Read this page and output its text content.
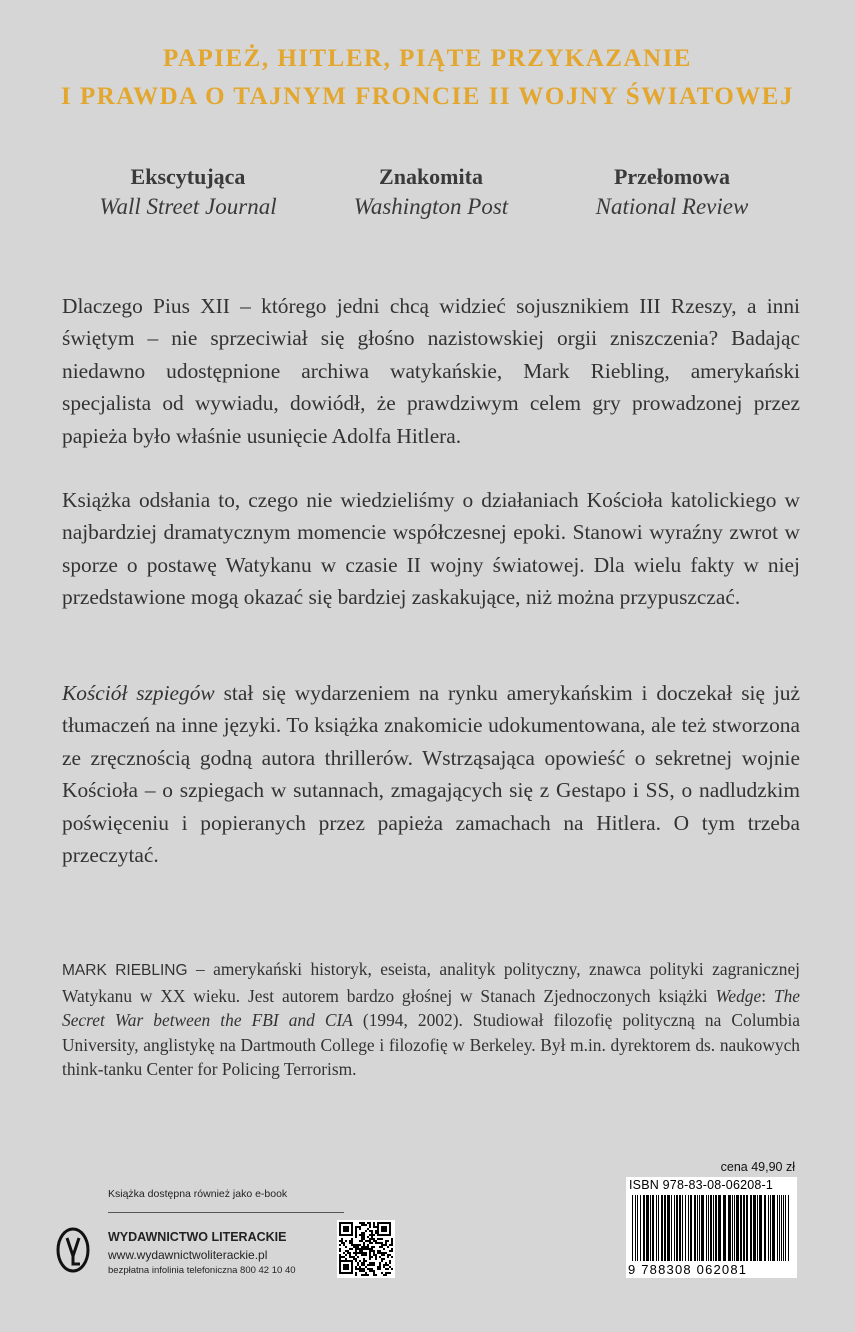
PAPIEŻ, HITLER, PIĄTE PRZYKAZANIE
I PRAWDA O TAJNYM FRONCIE II WOJNY ŚWIATOWEJ
Ekscytująca
Wall Street Journal
Znakomita
Washington Post
Przełomowa
National Review

Dlaczego Pius XII – którego jedni chcą widzieć sojusznikiem III Rzeszy, a inni świętym – nie sprzeciwiał się głośno nazistowskiej orgii zniszczenia? Badając niedawno udostępnione archiwa watykańskie, Mark Riebling, amerykański specjalista od wywiadu, dowiódł, że prawdziwym celem gry prowadzonej przez papieża było właśnie usunięcie Adolfa Hitlera.

Książka odsłania to, czego nie wiedzieliśmy o działaniach Kościoła katolickiego w najbardziej dramatycznym momencie współczesnej epoki. Stanowi wyraźny zwrot w sporze o postawę Watykanu w czasie II wojny światowej. Dla wielu fakty w niej przedstawione mogą okazać się bardziej zaskakujące, niż można przypuszczać.

Kościół szpiegów stał się wydarzeniem na rynku amerykańskim i doczekał się już tłumaczeń na inne języki. To książka znakomicie udokumentowana, ale też stworzona ze zręcznością godną autora thrillerów. Wstrząsająca opowieść o sekretnej wojnie Kościoła – o szpiegach w sutannach, zmagających się z Gestapo i SS, o nadludzkim poświęceniu i popieranych przez papieża zamachach na Hitlera. O tym trzeba przeczytać.

MARK RIEBLING – amerykański historyk, eseista, analityk polityczny, znawca polityki zagranicznej Watykanu w XX wieku. Jest autorem bardzo głośnej w Stanach Zjednoczonych książki Wedge: The Secret War between the FBI and CIA (1994, 2002). Studiował filozofię polityczną na Columbia University, anglistykę na Dartmouth College i filozofię w Berkeley. Był m.in. dyrektorem ds. naukowych think-tanku Center for Policing Terrorism.
cena 49,90 zł
ISBN 978-83-08-06208-1
9 788308 062081
Książka dostępna również jako e-book
WYDAWNICTWO LITERACKIE
www.wydawnictwoliterackie.pl
bezpłatna infolinia telefoniczna 800 42 10 40
